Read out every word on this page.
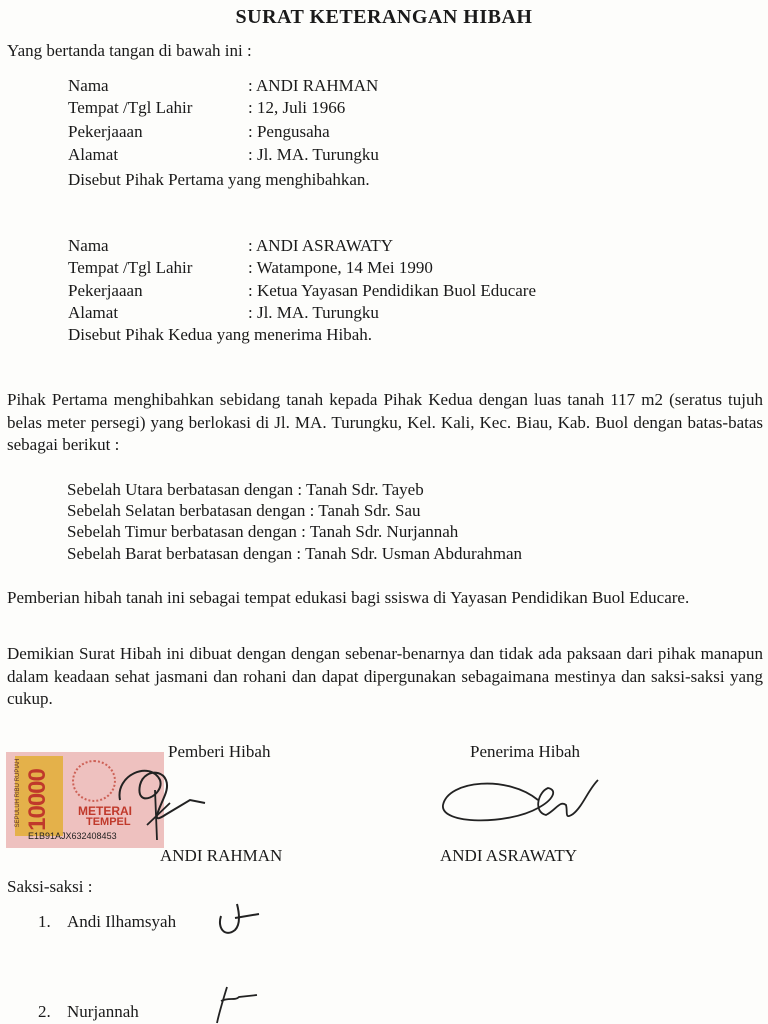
SURAT KETERANGAN HIBAH
Yang bertanda tangan di bawah ini :
Nama	: ANDI RAHMAN
Tempat /Tgl Lahir	: 12, Juli 1966
Pekerjaaan	: Pengusaha
Alamat	: Jl. MA. Turungku
Disebut Pihak Pertama yang menghibahkan.
Nama	: ANDI ASRAWATY
Tempat /Tgl Lahir	: Watampone, 14 Mei 1990
Pekerjaaan	: Ketua Yayasan Pendidikan Buol Educare
Alamat	: Jl. MA. Turungku
Disebut Pihak Kedua yang menerima Hibah.
Pihak Pertama menghibahkan sebidang tanah kepada Pihak Kedua dengan luas tanah 117 m2 (seratus tujuh belas meter persegi) yang berlokasi di Jl. MA. Turungku, Kel. Kali, Kec. Biau, Kab. Buol dengan batas-batas sebagai berikut :
Sebelah Utara berbatasan dengan : Tanah Sdr. Tayeb
Sebelah Selatan berbatasan dengan : Tanah Sdr. Sau
Sebelah Timur berbatasan dengan : Tanah Sdr. Nurjannah
Sebelah Barat berbatasan dengan : Tanah Sdr. Usman Abdurahman
Pemberian hibah tanah ini sebagai tempat edukasi bagi ssiswa di Yayasan Pendidikan Buol Educare.
Demikian Surat Hibah ini dibuat dengan dengan sebenar-benarnya dan tidak ada paksaan dari pihak manapun dalam keadaan sehat jasmani dan rohani dan dapat dipergunakan sebagaimana mestinya dan saksi-saksi yang cukup.
Pemberi Hibah	Penerima Hibah
SEPULUH RIBU RUPIAH 10000 METERAI
TEMPEL
E1B91AJX632408453
ANDI RAHMAN	ANDI ASRAWATY
Saksi-saksi :
1. Andi Ilhamsyah
2. Nurjannah
